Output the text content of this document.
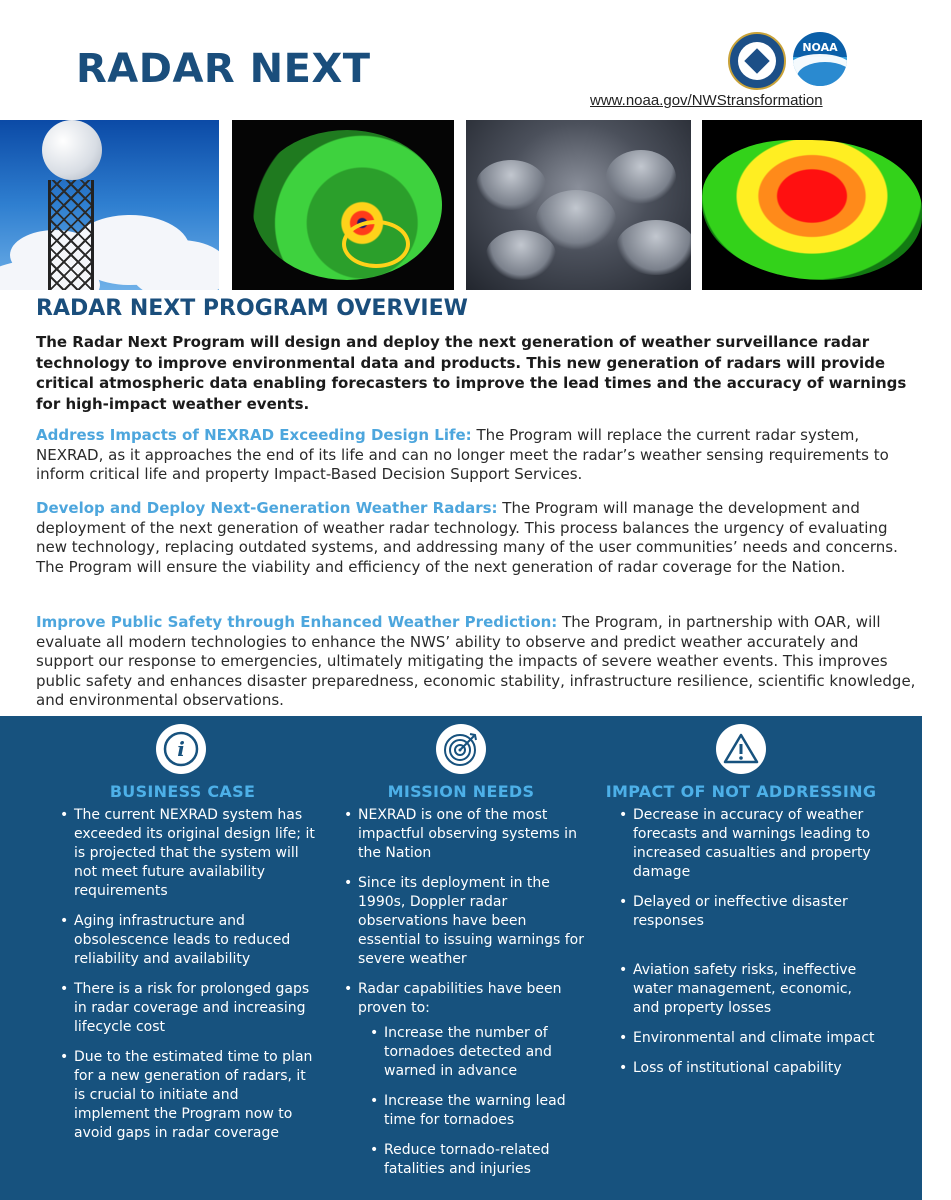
RADAR NEXT	NOAA
www.noaa.gov/NWStransformation
RADAR NEXT PROGRAM OVERVIEW

The Radar Next Program will design and deploy the next generation of weather surveillance radar technology to improve environmental data and products. This new generation of radars will provide critical atmospheric data enabling forecasters to improve the lead times and the accuracy of warnings for high-impact weather events.

Address Impacts of NEXRAD Exceeding Design Life: The Program will replace the current radar system, NEXRAD, as it approaches the end of its life and can no longer meet the radar’s weather sensing requirements to inform critical life and property Impact-Based Decision Support Services.

Develop and Deploy Next-Generation Weather Radars: The Program will manage the development and deployment of the next generation of weather radar technology. This process balances the urgency of evaluating new technology, replacing outdated systems, and addressing many of the user communities’ needs and concerns. The Program will ensure the viability and efficiency of the next generation of radar coverage for the Nation.

Improve Public Safety through Enhanced Weather Prediction: The Program, in partnership with OAR, will evaluate all modern technologies to enhance the NWS’ ability to observe and predict weather accurately and support our response to emergencies, ultimately mitigating the impacts of severe weather events. This improves public safety and enhances disaster preparedness, economic stability, infrastructure resilience, scientific knowledge, and environmental observations.

i
BUSINESS CASE
• The current NEXRAD system has exceeded its original design life; it is projected that the system will not meet future availability requirements
• Aging infrastructure and obsolescence leads to reduced reliability and availability
• There is a risk for prolonged gaps in radar coverage and increasing lifecycle cost
• Due to the estimated time to plan for a new generation of radars, it is crucial to initiate and implement the Program now to avoid gaps in radar coverage
MISSION NEEDS
• NEXRAD is one of the most impactful observing systems in the Nation
• Since its deployment in the 1990s, Doppler radar observations have been essential to issuing warnings for severe weather
• Radar capabilities have been proven to:
• Increase the number of tornadoes detected and warned in advance
• Increase the warning lead time for tornadoes
• Reduce tornado-related fatalities and injuries
IMPACT OF NOT ADDRESSING
• Decrease in accuracy of weather forecasts and warnings leading to increased casualties and property damage
• Delayed or ineffective disaster responses
• Aviation safety risks, ineffective water management, economic, and property losses
• Environmental and climate impact
• Loss of institutional capability
